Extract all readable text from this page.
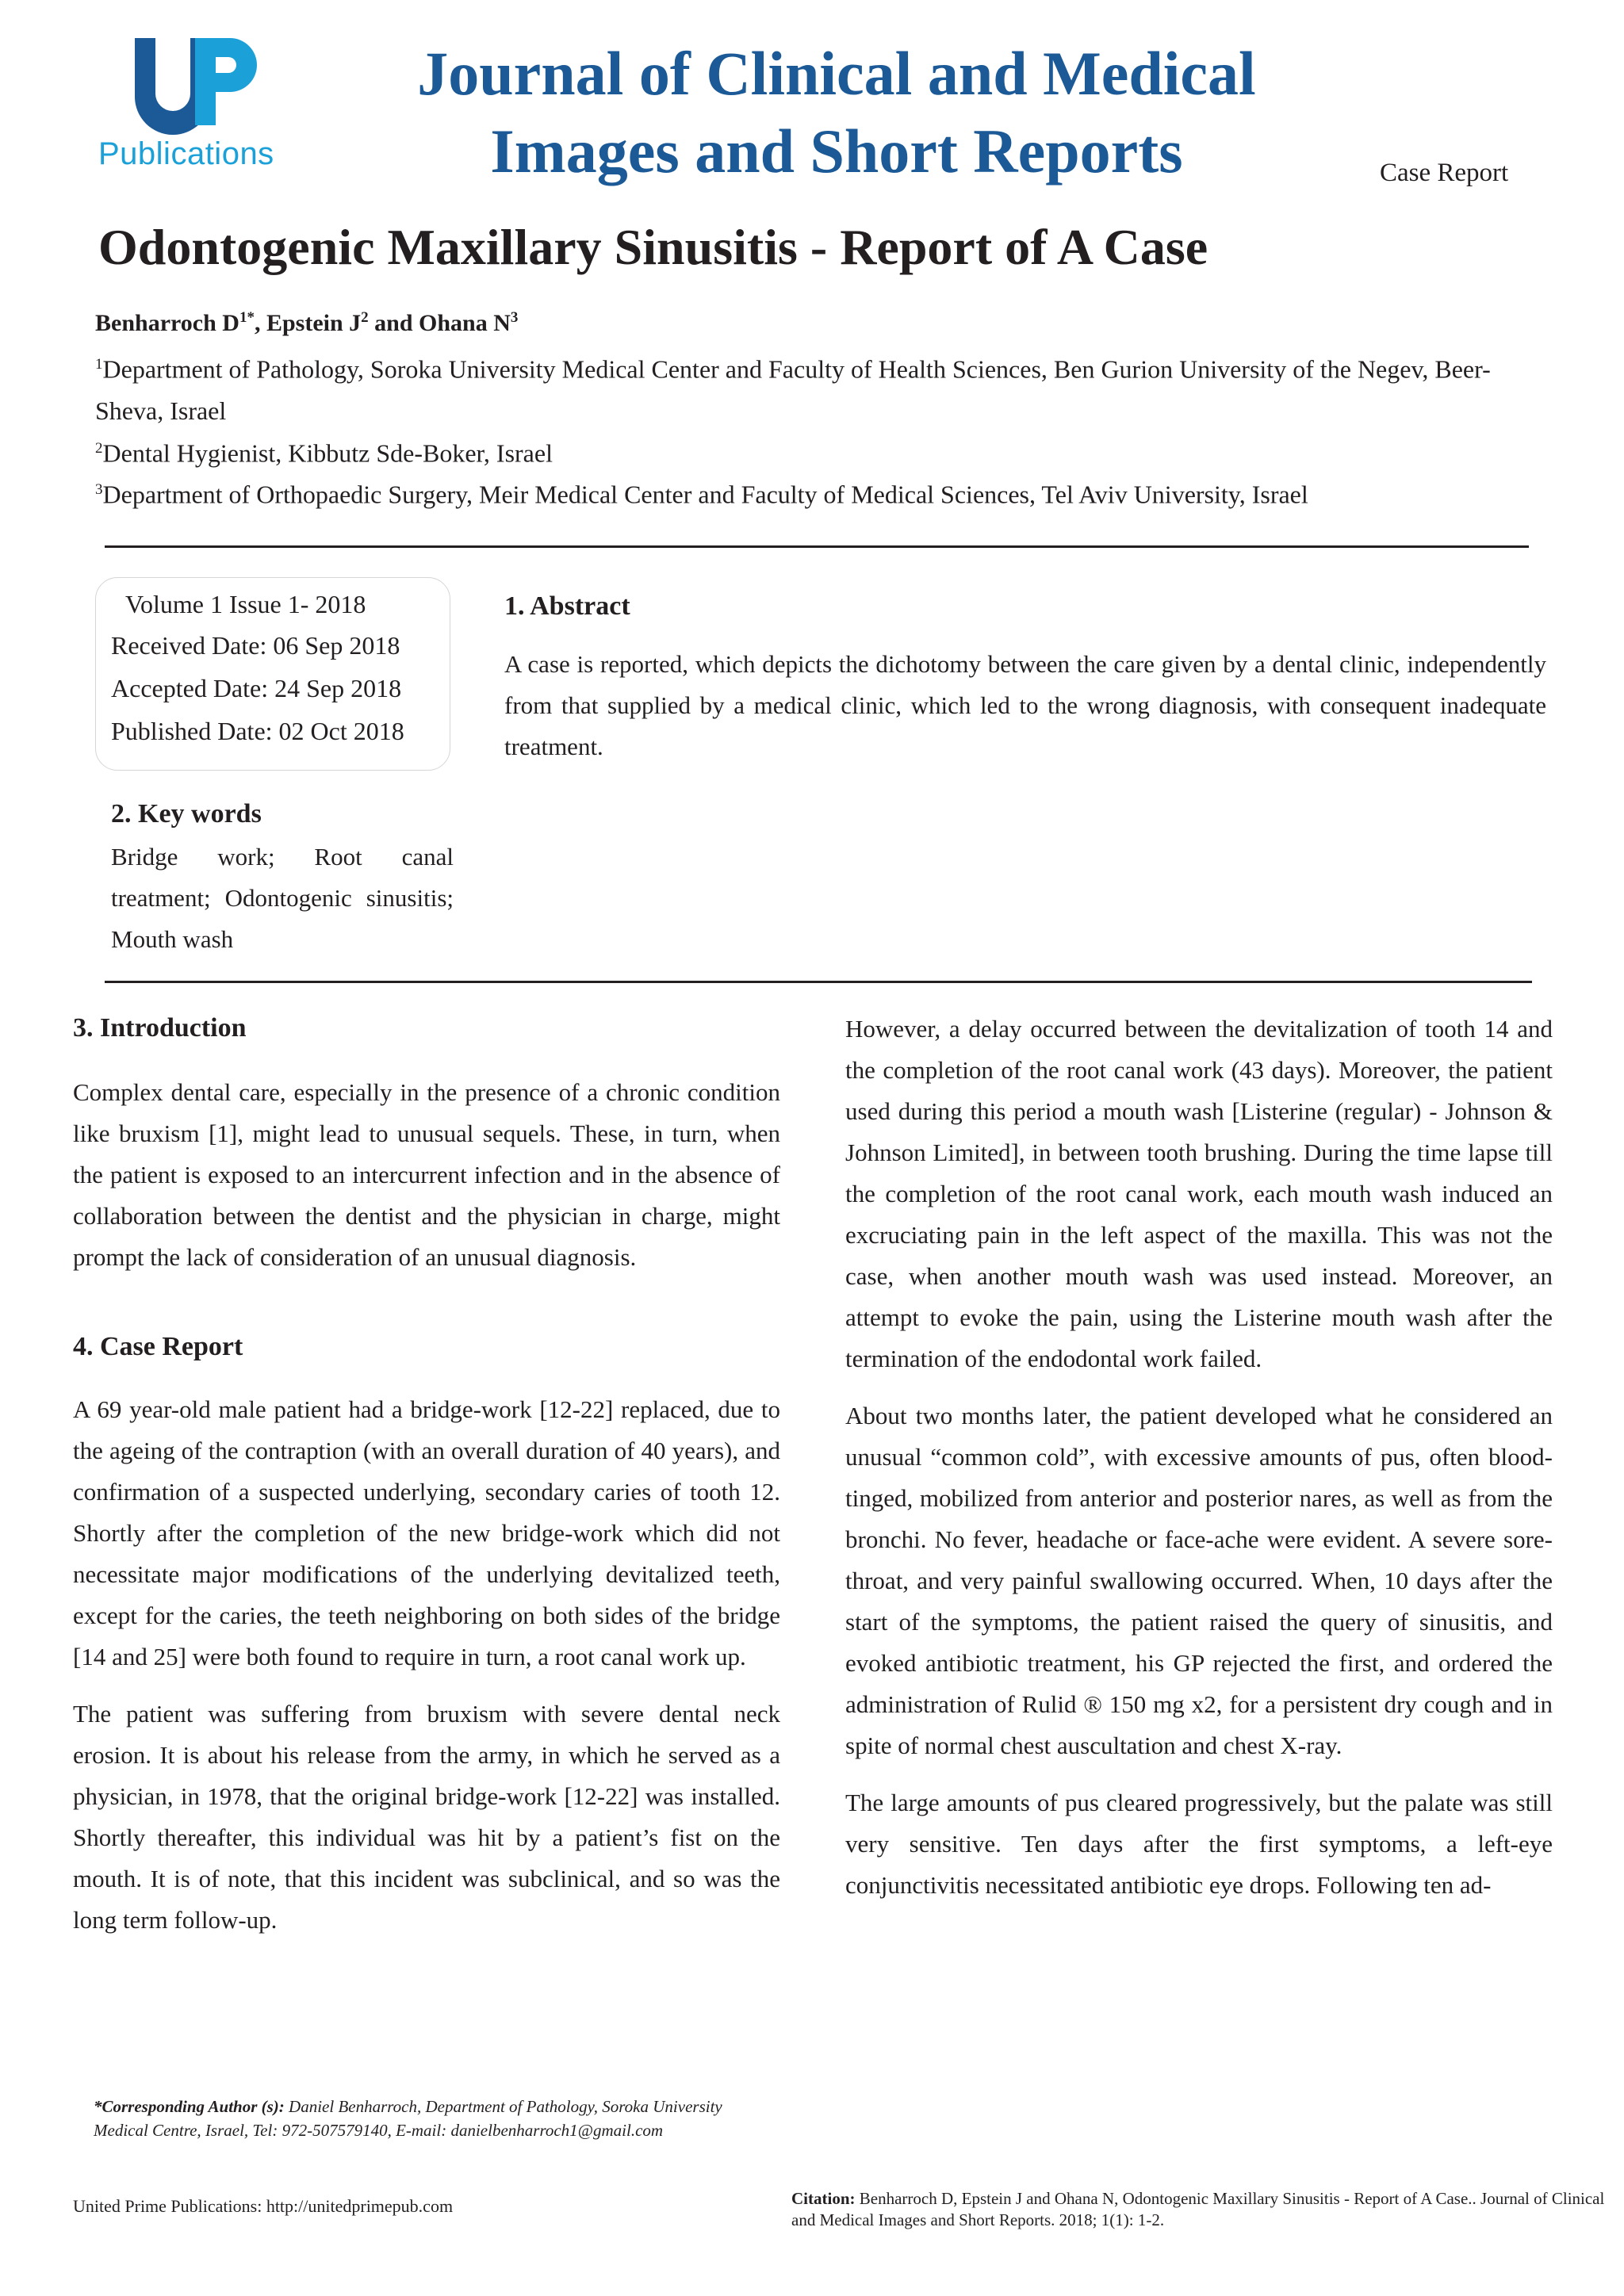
Publications
Journal of Clinical and Medical
Images and Short Reports	Case Report
Odontogenic Maxillary Sinusitis - Report of A Case
Benharroch $D^{1*}$, Epstein $J^2$ and Ohana $N^3$
$^1$Department of Pathology, Soroka University Medical Center and Faculty of Health Sciences, Ben Gurion University of the Negev, Beer-Sheva, Israel
$^2$Dental Hygienist, Kibbutz Sde-Boker, Israel
$^3$Department of Orthopaedic Surgery, Meir Medical Center and Faculty of Medical Sciences, Tel Aviv University, Israel
Volume 1 Issue 1- 2018
Received Date: 06 Sep 2018
Accepted Date: 24 Sep 2018
Published Date: 02 Oct 2018
2. Key words
Bridge work; Root canal treatment; Odontogenic sinusitis; Mouth wash
1. Abstract
A case is reported, which depicts the dichotomy between the care given by a dental clinic, independently from that supplied by a medical clinic, which led to the wrong diagnosis, with consequent inadequate treatment.
3. Introduction
Complex dental care, especially in the presence of a chronic condition like bruxism [1], might lead to unusual sequels. These, in turn, when the patient is exposed to an intercurrent infection and in the absence of collaboration between the dentist and the physician in charge, might prompt the lack of consideration of an unusual diagnosis.
4. Case Report

A 69 year-old male patient had a bridge-work [12-22] replaced, due to the ageing of the contraption (with an overall duration of 40 years), and confirmation of a suspected underlying, secondary caries of tooth 12. Shortly after the completion of the new bridge-work which did not necessitate major modifications of the underlying devitalized teeth, except for the caries, the teeth neighboring on both sides of the bridge [14 and 25] were both found to require in turn, a root canal work up.

The patient was suffering from bruxism with severe dental neck erosion. It is about his release from the army, in which he served as a physician, in 1978, that the original bridge-work [12-22] was installed. Shortly thereafter, this individual was hit by a patient’s fist on the mouth. It is of note, that this incident was subclinical, and so was the long term follow-up.

However, a delay occurred between the devitalization of tooth 14 and the completion of the root canal work (43 days). Moreover, the patient used during this period a mouth wash [Listerine (regular) - Johnson & Johnson Limited], in between tooth brushing. During the time lapse till the completion of the root canal work, each mouth wash induced an excruciating pain in the left aspect of the maxilla. This was not the case, when another mouth wash was used instead. Moreover, an attempt to evoke the pain, using the Listerine mouth wash after the termination of the endodontal work failed.

About two months later, the patient developed what he considered an unusual “common cold”, with excessive amounts of pus, often blood-tinged, mobilized from anterior and posterior nares, as well as from the bronchi. No fever, headache or face-ache were evident. A severe sore-throat, and very painful swallowing occurred. When, 10 days after the start of the symptoms, the patient raised the query of sinusitis, and evoked antibiotic treatment, his GP rejected the first, and ordered the administration of Rulid ® 150 mg x2, for a persistent dry cough and in spite of normal chest auscultation and chest X-ray.

The large amounts of pus cleared progressively, but the palate was still very sensitive. Ten days after the first symptoms, a left-eye conjunctivitis necessitated antibiotic eye drops. Following ten ad-

*Corresponding Author (s): Daniel Benharroch, Department of Pathology, Soroka University Medical Centre, Israel, Tel: 972-507579140, E-mail: danielbenharroch1@gmail.com
United Prime Publications: http://unitedprimepub.com	Citation: Benharroch D, Epstein J and Ohana N, Odontogenic Maxillary Sinusitis - Report of A Case.. Journal of Clinical and Medical Images and Short Reports. 2018; 1(1): 1-2.
